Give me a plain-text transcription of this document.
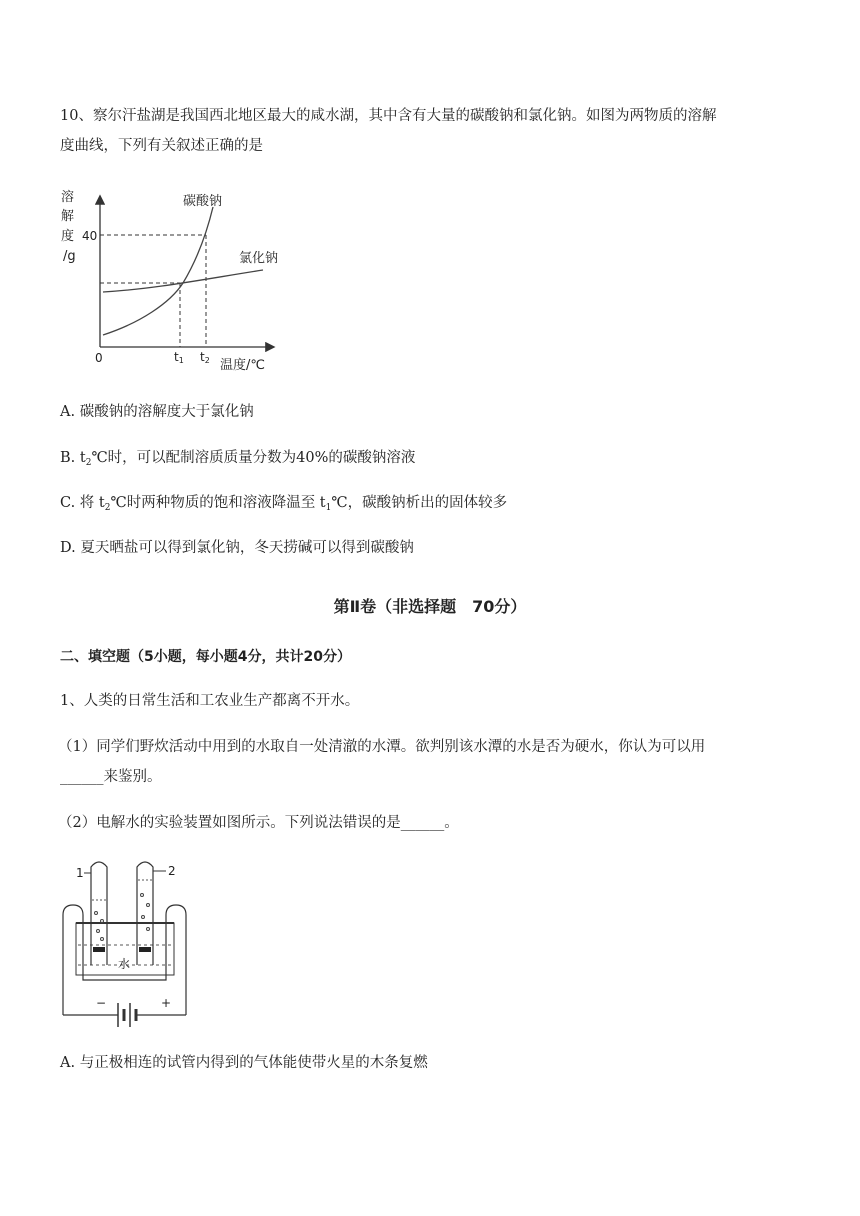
10、察尔汗盐湖是我国西北地区最大的咸水湖，其中含有大量的碳酸钠和氯化钠。如图为两物质的溶解
度曲线，下列有关叙述正确的是
溶
解
度
/g
40
0	t1 t2 温度/℃
碳酸钠
氯化钠
A. 碳酸钠的溶解度大于氯化钠
B. $t_2℃$时，可以配制溶质质量分数为40%的碳酸钠溶液
C. 将 $t_2℃$时两种物质的饱和溶液降温至 $t_1℃$，碳酸钠析出的固体较多
D. 夏天晒盐可以得到氯化钠，冬天捞碱可以得到碳酸钠
第Ⅱ卷（非选择题　70分）
二、填空题（5小题，每小题4分，共计20分）
1、人类的日常生活和工农业生产都离不开水。
（1）同学们野炊活动中用到的水取自一处清澈的水潭。欲判别该水潭的水是否为硬水，你认为可以用
______来鉴别。
（2）电解水的实验装置如图所示。下列说法错误的是______。
1	2
水
−	+
A. 与正极相连的试管内得到的气体能使带火星的木条复燃
